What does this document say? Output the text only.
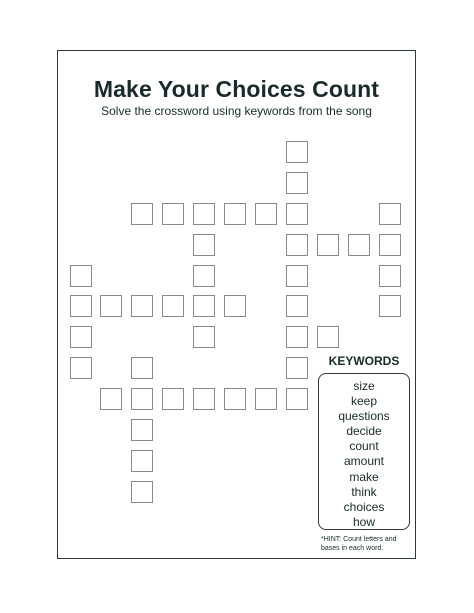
Make Your Choices Count
Solve the crossword using keywords from the song
KEYWORDS
size
keep
questions
decide
count
amount
make
think
choices
how
*HINT: Count letters and bases in each word.
